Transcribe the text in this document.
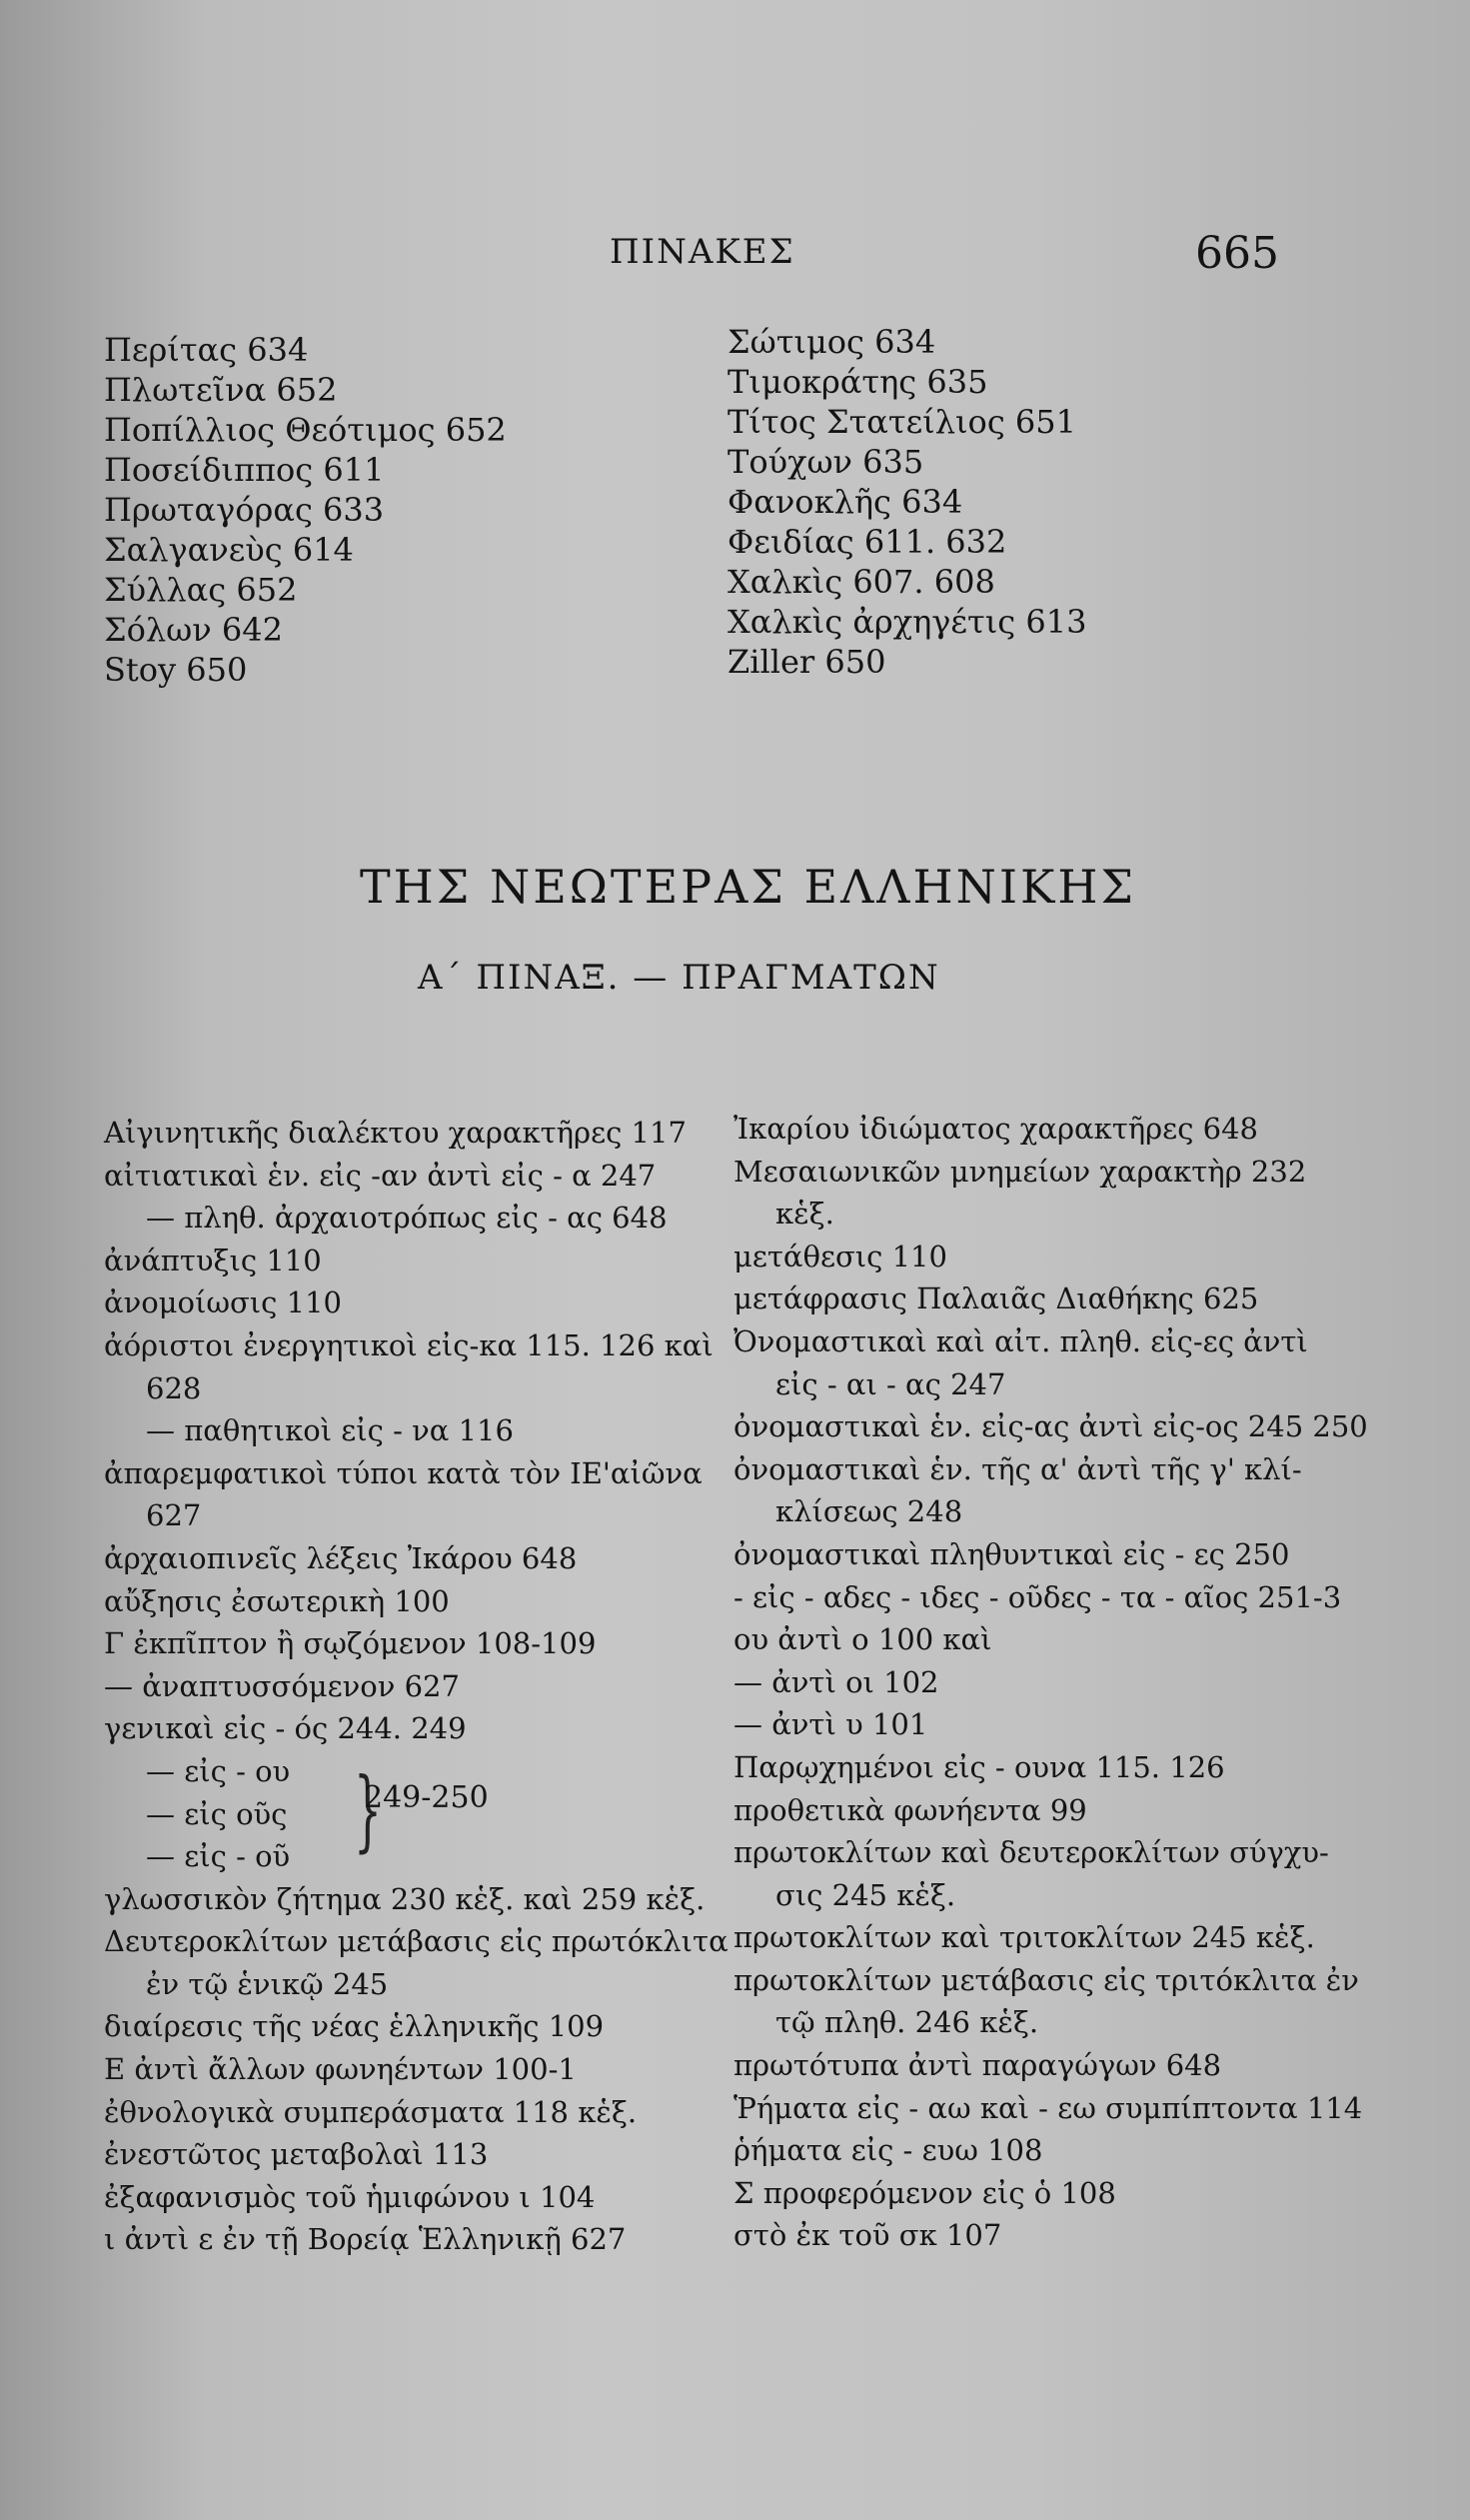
ΠΙΝΑΚΕΣ	665
Περίτας 634
Πλωτεῖνα 652
Ποπίλλιος Θεότιμος 652
Ποσείδιππος 611
Πρωταγόρας 633
Σαλγανεὺς 614
Σύλλας 652
Σόλων 642
Stoy 650
Σώτιμος 634
Τιμοκράτης 635
Τίτος Στατείλιος 651
Τούχων 635
Φανοκλῆς 634
Φειδίας 611. 632
Χαλκὶς 607. 608
Χαλκὶς ἀρχηγέτις 613
Ziller 650
ΤΗΣ ΝΕΩΤΕΡΑΣ ΕΛΛΗΝΙΚΗΣ
Α΄ ΠΙΝΑΞ. — ΠΡΑΓΜΑΤΩΝ
Αἰγινητικῆς διαλέκτου χαρακτῆρες 117
αἰτιατικαὶ ἑν. εἰς -αν ἀντὶ εἰς - α 247
— πληθ. ἀρχαιοτρόπως εἰς - ας 648
ἀνάπτυξις 110
ἀνομοίωσις 110
ἀόριστοι ἐνεργητικοὶ εἰς-κα 115. 126 καὶ
628
— παθητικοὶ εἰς - να 116
ἀπαρεμφατικοὶ τύποι κατὰ τὸν ΙΕ'αἰῶνα
627
ἀρχαιοπινεῖς λέξεις Ἰκάρου 648
αὔξησις ἐσωτερικὴ 100
Γ ἐκπῖπτον ἢ σῳζόμενον 108-109
— ἀναπτυσσόμενον 627
γενικαὶ εἰς - ός 244. 249
— εἰς - ου
— εἰς οῦς
— εἰς - οῦ }
249-250
γλωσσικὸν ζήτημα 230 κἑξ. καὶ 259 κἑξ.
Δευτεροκλίτων μετάβασις εἰς πρωτόκλιτα
ἐν τῷ ἑνικῷ 245
διαίρεσις τῆς νέας ἑλληνικῆς 109
Ε ἀντὶ ἄλλων φωνηέντων 100-1
ἐθνολογικὰ συμπεράσματα 118 κἑξ.
ἐνεστῶτος μεταβολαὶ 113
ἐξαφανισμὸς τοῦ ἡμιφώνου ι 104
ι ἀντὶ ε ἐν τῇ Βορείᾳ Ἑλληνικῇ 627
Ἰκαρίου ἰδιώματος χαρακτῆρες 648
Μεσαιωνικῶν μνημείων χαρακτὴρ 232
κἑξ.
μετάθεσις 110
μετάφρασις Παλαιᾶς Διαθήκης 625
Ὀνομαστικαὶ καὶ αἰτ. πληθ. εἰς-ες ἀντὶ
εἰς - αι - ας 247
ὀνομαστικαὶ ἑν. εἰς-ας ἀντὶ εἰς-ος 245 250
ὀνομαστικαὶ ἑν. τῆς α' ἀντὶ τῆς γ' κλί-
κλίσεως 248
ὀνομαστικαὶ πληθυντικαὶ εἰς - ες 250
- εἰς - αδες - ιδες - οῦδες - τα - αῖος 251-3
ου ἀντὶ ο 100 καὶ
— ἀντὶ οι 102
— ἀντὶ υ 101
Παρῳχημένοι εἰς - ουνα 115. 126
προθετικὰ φωνήεντα 99
πρωτοκλίτων καὶ δευτεροκλίτων σύγχυ-
σις 245 κἑξ.
πρωτοκλίτων καὶ τριτοκλίτων 245 κἑξ.
πρωτοκλίτων μετάβασις εἰς τριτόκλιτα ἐν
τῷ πληθ. 246 κἑξ.
πρωτότυπα ἀντὶ παραγώγων 648
Ῥήματα εἰς - αω καὶ - εω συμπίπτοντα 114
ῥήματα εἰς - ευω 108
Σ προφερόμενον εἰς ὁ 108
στὸ ἐκ τοῦ σκ 107
